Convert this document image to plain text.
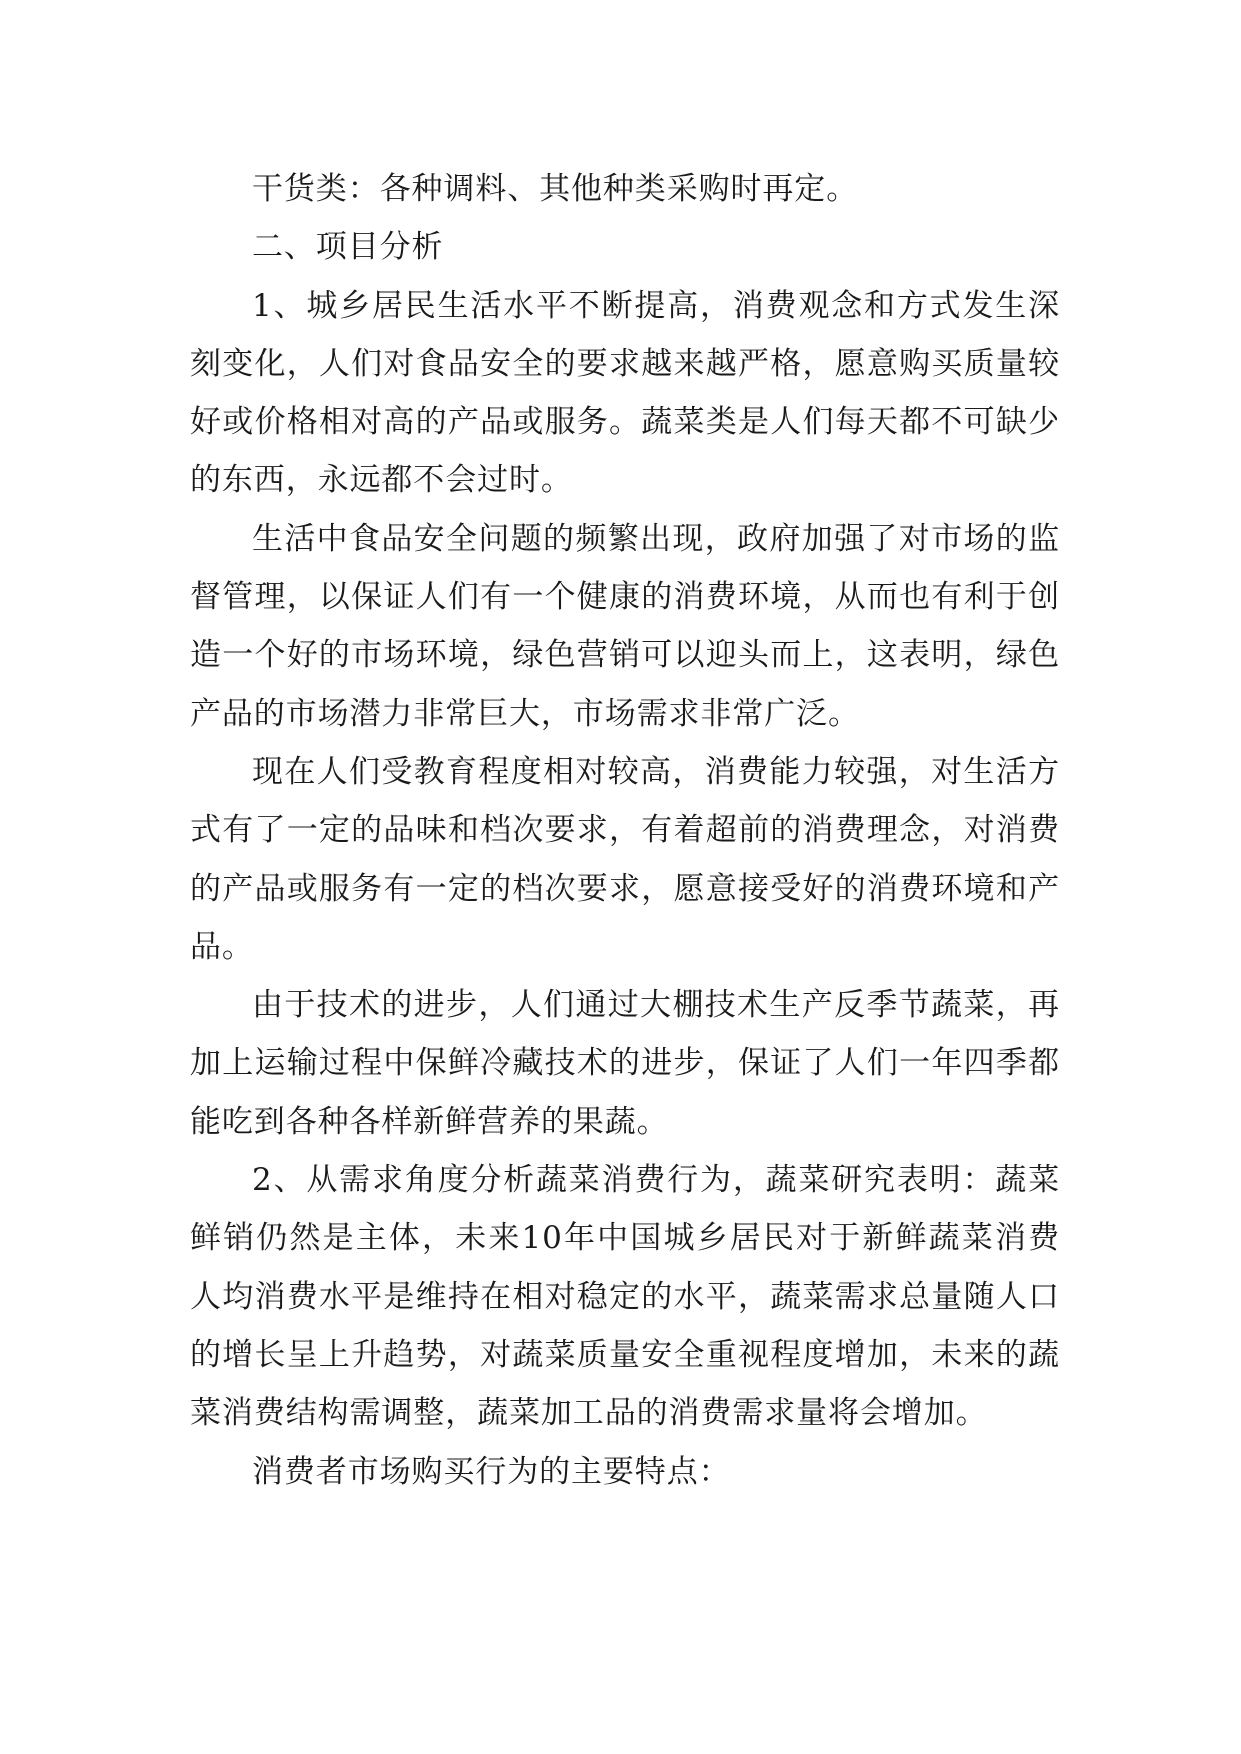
干货类：各种调料、其他种类采购时再定。

二、项目分析

1、城乡居民生活水平不断提高，消费观念和方式发生深刻变化，人们对食品安全的要求越来越严格，愿意购买质量较好或价格相对高的产品或服务。蔬菜类是人们每天都不可缺少的东西，永远都不会过时。

生活中食品安全问题的频繁出现，政府加强了对市场的监督管理，以保证人们有一个健康的消费环境，从而也有利于创造一个好的市场环境，绿色营销可以迎头而上，这表明，绿色产品的市场潜力非常巨大，市场需求非常广泛。

现在人们受教育程度相对较高，消费能力较强，对生活方式有了一定的品味和档次要求，有着超前的消费理念，对消费的产品或服务有一定的档次要求，愿意接受好的消费环境和产品。

由于技术的进步，人们通过大棚技术生产反季节蔬菜，再加上运输过程中保鲜冷藏技术的进步，保证了人们一年四季都能吃到各种各样新鲜营养的果蔬。

2、从需求角度分析蔬菜消费行为，蔬菜研究表明：蔬菜鲜销仍然是主体，未来10年中国城乡居民对于新鲜蔬菜消费人均消费水平是维持在相对稳定的水平，蔬菜需求总量随人口的增长呈上升趋势，对蔬菜质量安全重视程度增加，未来的蔬菜消费结构需调整，蔬菜加工品的消费需求量将会增加。

消费者市场购买行为的主要特点：
